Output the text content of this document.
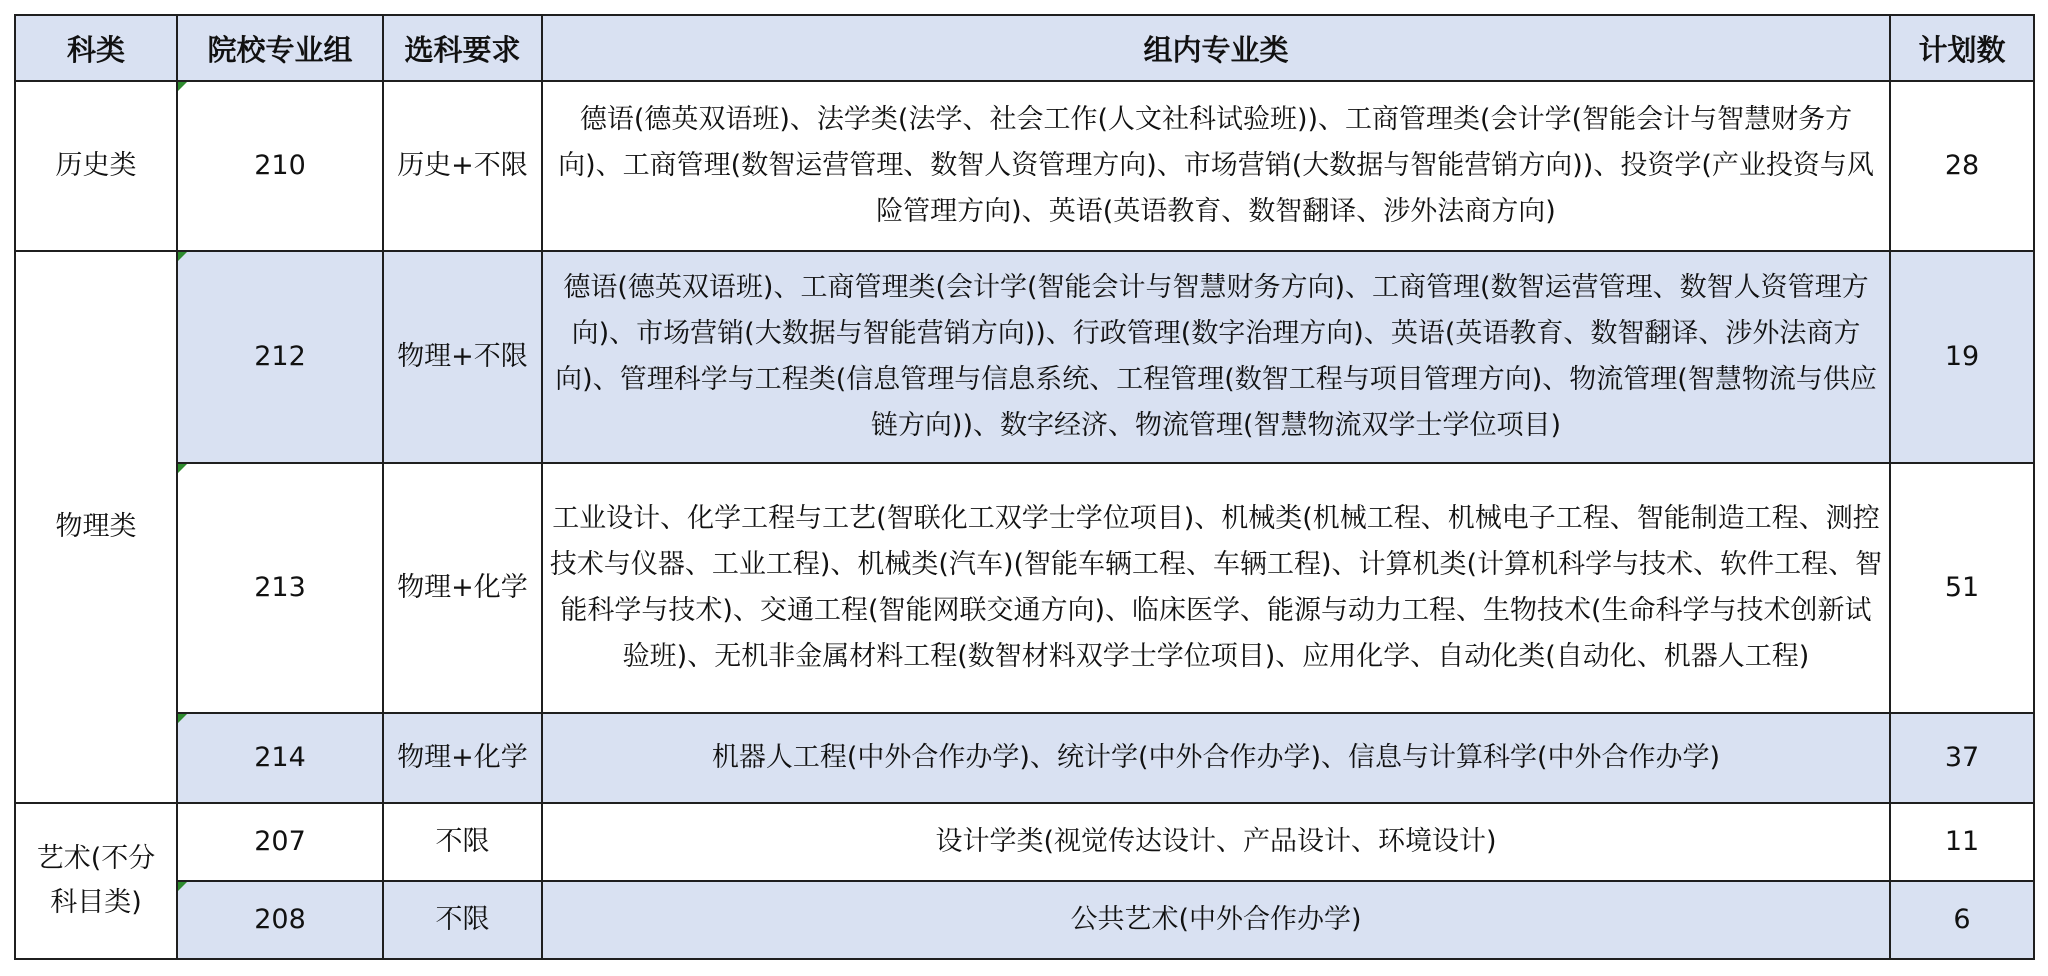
科类	院校专业组	选科要求	组内专业类	计划数
历史类	210	历史+不限	德语(德英双语班)、法学类(法学、社会工作(人文社科试验班))、工商管理类(会计学(智能会计与智慧财务方向)、工商管理(数智运营管理、数智人资管理方向)、市场营销(大数据与智能营销方向))、投资学(产业投资与风险管理方向)、英语(英语教育、数智翻译、涉外法商方向)	28
物理类	212	物理+不限	德语(德英双语班)、工商管理类(会计学(智能会计与智慧财务方向)、工商管理(数智运营管理、数智人资管理方向)、市场营销(大数据与智能营销方向))、行政管理(数字治理方向)、英语(英语教育、数智翻译、涉外法商方向)、管理科学与工程类(信息管理与信息系统、工程管理(数智工程与项目管理方向)、物流管理(智慧物流与供应链方向))、数字经济、物流管理(智慧物流双学士学位项目)	19
	213	物理+化学	工业设计、化学工程与工艺(智联化工双学士学位项目)、机械类(机械工程、机械电子工程、智能制造工程、测控技术与仪器、工业工程)、机械类(汽车)(智能车辆工程、车辆工程)、计算机类(计算机科学与技术、软件工程、智能科学与技术)、交通工程(智能网联交通方向)、临床医学、能源与动力工程、生物技术(生命科学与技术创新试验班)、无机非金属材料工程(数智材料双学士学位项目)、应用化学、自动化类(自动化、机器人工程)	51
	214	物理+化学	机器人工程(中外合作办学)、统计学(中外合作办学)、信息与计算科学(中外合作办学)	37
艺术(不分科目类)	207	不限	设计学类(视觉传达设计、产品设计、环境设计)	11
	208	不限	公共艺术(中外合作办学)	6
